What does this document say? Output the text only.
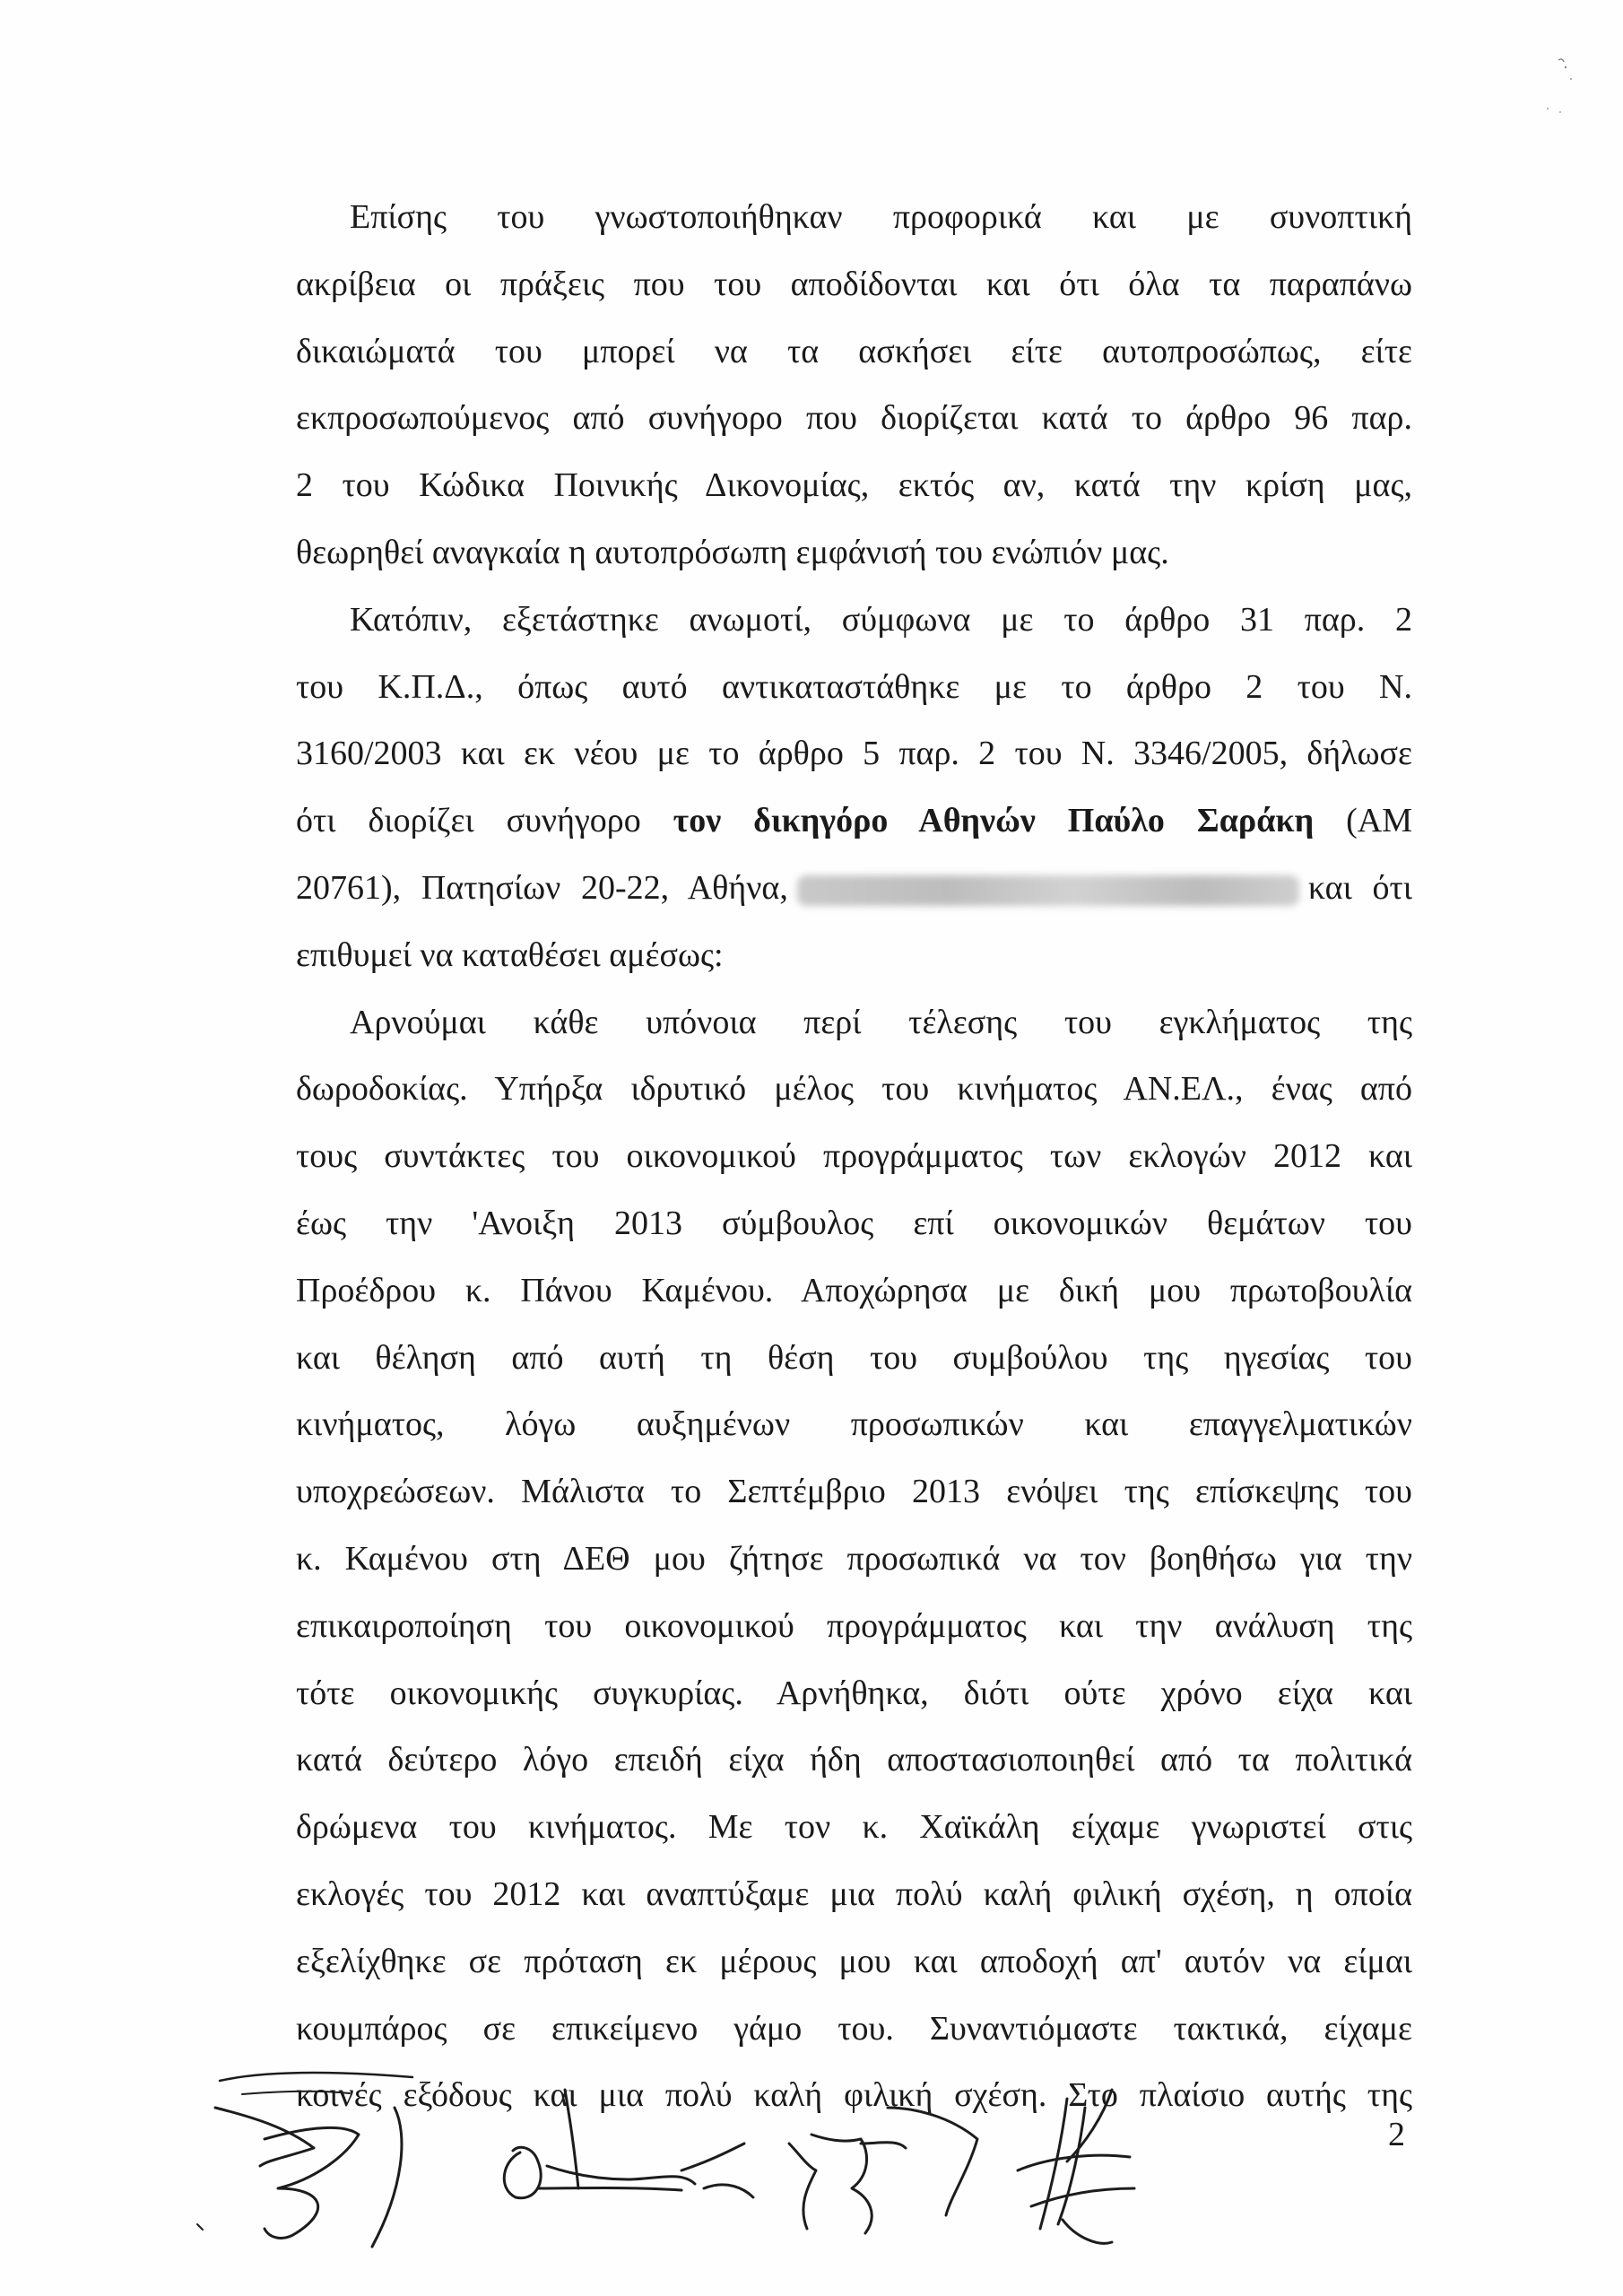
Επίσης του γνωστοποιήθηκαν προφορικά και με συνοπτική
ακρίβεια οι πράξεις που του αποδίδονται και ότι όλα τα παραπάνω
δικαιώματά του μπορεί να τα ασκήσει είτε αυτοπροσώπως, είτε
εκπροσωπούμενος από συνήγορο που διορίζεται κατά το άρθρο 96 παρ.
2 του Κώδικα Ποινικής Δικονομίας, εκτός αν, κατά την κρίση μας,
θεωρηθεί αναγκαία η αυτοπρόσωπη εμφάνισή του ενώπιόν μας.
Κατόπιν, εξετάστηκε ανωμοτί, σύμφωνα με το άρθρο 31 παρ. 2
του Κ.Π.Δ., όπως αυτό αντικαταστάθηκε με το άρθρο 2 του Ν.
3160/2003 και εκ νέου με το άρθρο 5 παρ. 2 του Ν. 3346/2005, δήλωσε
ότι διορίζει συνήγορο τον δικηγόρο Αθηνών Παύλο Σαράκη (ΑΜ
20761), Πατησίων 20-22, Αθήνα,	και ότι
επιθυμεί να καταθέσει αμέσως:
Αρνούμαι κάθε υπόνοια περί τέλεσης του εγκλήματος της
δωροδοκίας. Υπήρξα ιδρυτικό μέλος του κινήματος ΑΝ.ΕΛ., ένας από
τους συντάκτες του οικονομικού προγράμματος των εκλογών 2012 και
έως την 'Ανοιξη 2013 σύμβουλος επί οικονομικών θεμάτων του
Προέδρου κ. Πάνου Καμένου. Αποχώρησα με δική μου πρωτοβουλία
και θέληση από αυτή τη θέση του συμβούλου της ηγεσίας του
κινήματος, λόγω αυξημένων προσωπικών και επαγγελματικών
υποχρεώσεων. Μάλιστα το Σεπτέμβριο 2013 ενόψει της επίσκεψης του
κ. Καμένου στη ΔΕΘ μου ζήτησε προσωπικά να τον βοηθήσω για την
επικαιροποίηση του οικονομικού προγράμματος και την ανάλυση της
τότε οικονομικής συγκυρίας. Αρνήθηκα, διότι ούτε χρόνο είχα και
κατά δεύτερο λόγο επειδή είχα ήδη αποστασιοποιηθεί από τα πολιτικά
δρώμενα του κινήματος. Με τον κ. Χαϊκάλη είχαμε γνωριστεί στις
εκλογές του 2012 και αναπτύξαμε μια πολύ καλή φιλική σχέση, η οποία
εξελίχθηκε σε πρόταση εκ μέρους μου και αποδοχή απ' αυτόν να είμαι
κουμπάρος σε επικείμενο γάμο του. Συναντιόμαστε τακτικά, είχαμε
κοινές εξόδους και μια πολύ καλή φιλική σχέση. Στο πλαίσιο αυτής της
2
